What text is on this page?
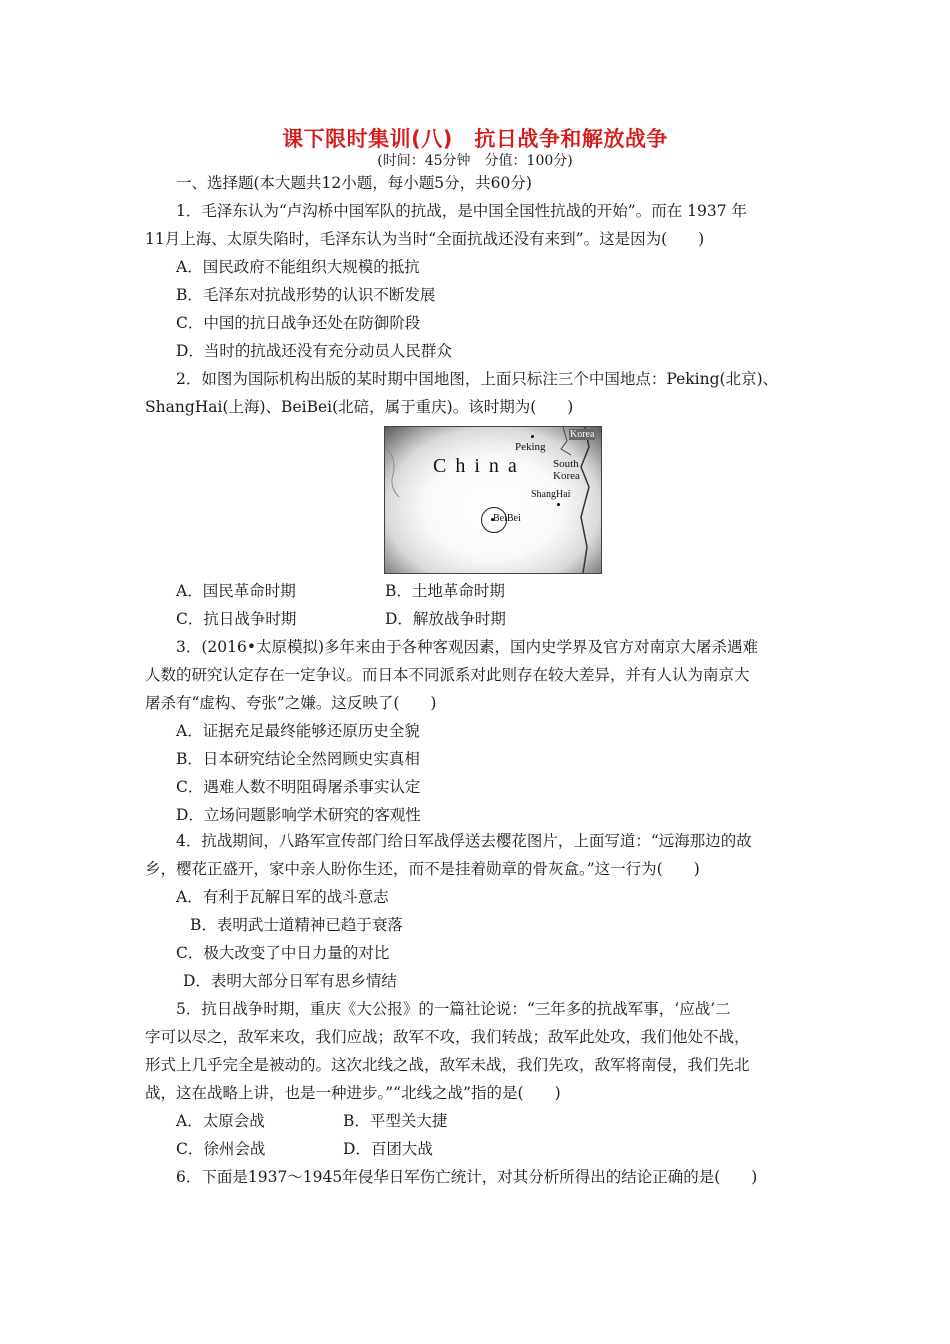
课下限时集训(八)　抗日战争和解放战争
(时间：45分钟　分值：100分)
一、选择题(本大题共12小题，每小题5分，共60分)
1．毛泽东认为“卢沟桥中国军队的抗战，是中国全国性抗战的开始”。而在 1937 年
11月上海、太原失陷时，毛泽东认为当时“全面抗战还没有来到”。这是因为(　　)
A．国民政府不能组织大规模的抵抗
B．毛泽东对抗战形势的认识不断发展
C．中国的抗日战争还处在防御阶段
D．当时的抗战还没有充分动员人民群众
2．如图为国际机构出版的某时期中国地图，上面只标注三个中国地点：Peking(北京)、
ShangHai(上海)、BeiBei(北碚，属于重庆)。该时期为(　　)
China
Peking
Korea
South
Korea
ShangHai
BeiBei
A．国民革命时期	B．土地革命时期
C．抗日战争时期	D．解放战争时期
3．(2016•太原模拟)多年来由于各种客观因素，国内史学界及官方对南京大屠杀遇难
人数的研究认定存在一定争议。而日本不同派系对此则存在较大差异，并有人认为南京大
屠杀有“虚构、夸张”之嫌。这反映了(　　)
A．证据充足最终能够还原历史全貌
B．日本研究结论全然罔顾史实真相
C．遇难人数不明阻碍屠杀事实认定
D．立场问题影响学术研究的客观性
4．抗战期间，八路军宣传部门给日军战俘送去樱花图片，上面写道：“远海那边的故
乡，樱花正盛开，家中亲人盼你生还，而不是挂着勋章的骨灰盒。”这一行为(　　)
A．有利于瓦解日军的战斗意志
B．表明武士道精神已趋于衰落
C．极大改变了中日力量的对比
D．表明大部分日军有思乡情结
5．抗日战争时期，重庆《大公报》的一篇社论说：“三年多的抗战军事，‘应战’二
字可以尽之，敌军来攻，我们应战；敌军不攻，我们转战；敌军此处攻，我们他处不战，
形式上几乎完全是被动的。这次北线之战，敌军未战，我们先攻，敌军将南侵，我们先北
战，这在战略上讲，也是一种进步。”“北线之战”指的是(　　)
A．太原会战	B．平型关大捷
C．徐州会战	D．百团大战
6．下面是1937～1945年侵华日军伤亡统计，对其分析所得出的结论正确的是(　　)
